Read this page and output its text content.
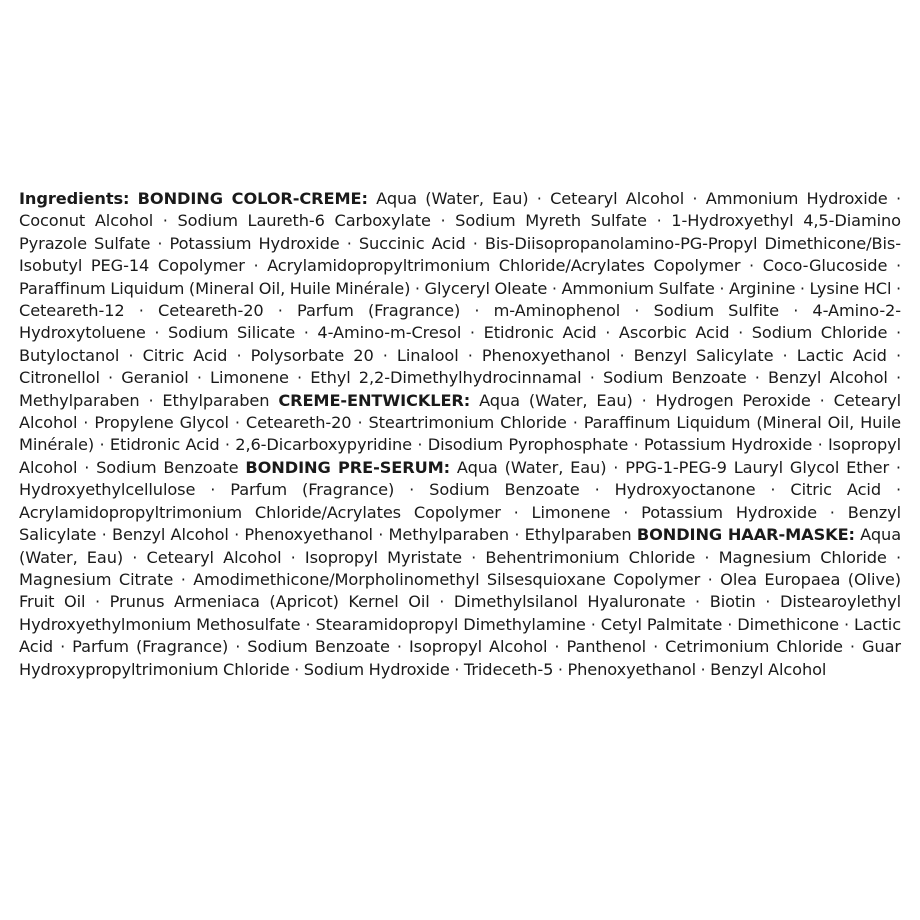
Ingredients: BONDING COLOR-CREME: Aqua (Water, Eau) · Cetearyl Alcohol · Ammonium Hydroxide · Coconut Alcohol · Sodium Laureth-6 Carboxylate · Sodium Myreth Sulfate · 1-Hydroxyethyl 4,5-Diamino Pyrazole Sulfate · Potassium Hydroxide · Succinic Acid · Bis-Diisopropanolamino-PG-Propyl Dimethicone/Bis-Isobutyl PEG-14 Copolymer · Acrylamidopropyltrimonium Chloride/Acrylates Copolymer · Coco-Glucoside · Paraffinum Liquidum (Mineral Oil, Huile Minérale) · Glyceryl Oleate · Ammonium Sulfate · Arginine · Lysine HCl · Ceteareth-12 · Ceteareth-20 · Parfum (Fragrance) · m-Aminophenol · Sodium Sulfite · 4-Amino-2-Hydroxytoluene · Sodium Silicate · 4-Amino-m-Cresol · Etidronic Acid · Ascorbic Acid · Sodium Chloride · Butyloctanol · Citric Acid · Polysorbate 20 · Linalool · Phenoxyethanol · Benzyl Salicylate · Lactic Acid · Citronellol · Geraniol · Limonene · Ethyl 2,2-Dimethylhydrocinnamal · Sodium Benzoate · Benzyl Alcohol · Methylparaben · Ethylparaben CREME-ENTWICKLER: Aqua (Water, Eau) · Hydrogen Peroxide · Cetearyl Alcohol · Propylene Glycol · Ceteareth-20 · Steartrimonium Chloride · Paraffinum Liquidum (Mineral Oil, Huile Minérale) · Etidronic Acid · 2,6-Dicarboxypyridine · Disodium Pyrophosphate · Potassium Hydroxide · Isopropyl Alcohol · Sodium Benzoate BONDING PRE-SERUM: Aqua (Water, Eau) · PPG-1-PEG-9 Lauryl Glycol Ether · Hydroxyethylcellulose · Parfum (Fragrance) · Sodium Benzoate · Hydroxyoctanone · Citric Acid · Acrylamidopropyltrimonium Chloride/Acrylates Copolymer · Limonene · Potassium Hydroxide · Benzyl Salicylate · Benzyl Alcohol · Phenoxyethanol · Methylparaben · Ethylparaben BONDING HAAR-MASKE: Aqua (Water, Eau) · Cetearyl Alcohol · Isopropyl Myristate · Behentrimonium Chloride · Magnesium Chloride · Magnesium Citrate · Amodimethicone/Morpholinomethyl Silsesquioxane Copolymer · Olea Europaea (Olive) Fruit Oil · Prunus Armeniaca (Apricot) Kernel Oil · Dimethylsilanol Hyaluronate · Biotin · Distearoylethyl Hydroxyethylmonium Methosulfate · Stearamidopropyl Dimethylamine · Cetyl Palmitate · Dimethicone · Lactic Acid · Parfum (Fragrance) · Sodium Benzoate · Isopropyl Alcohol · Panthenol · Cetrimonium Chloride · Guar Hydroxypropyltrimonium Chloride · Sodium Hydroxide · Trideceth-5 · Phenoxyethanol · Benzyl Alcohol
